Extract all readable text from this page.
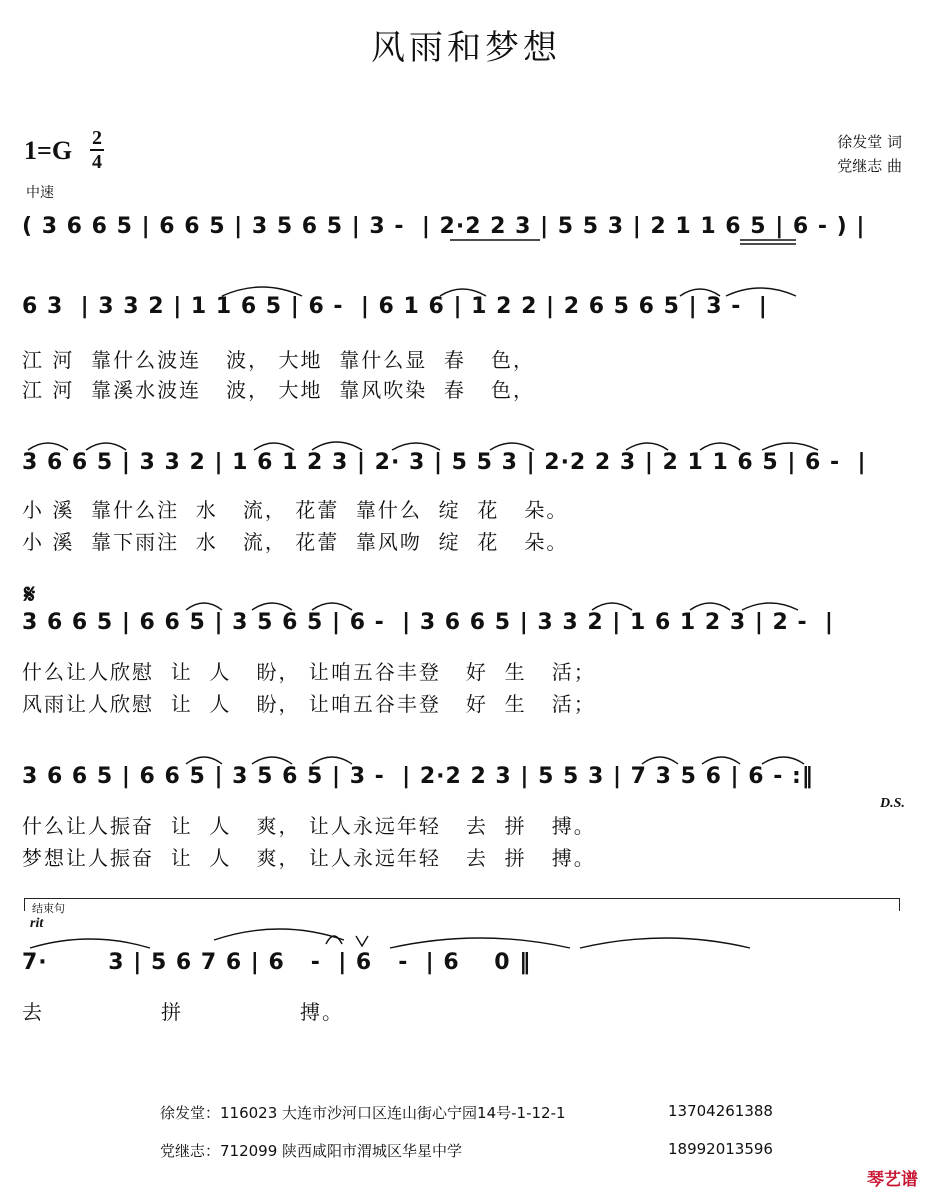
风雨和梦想
1=G 2
4
徐发堂 词
党继志 曲
中速
( 3 6 6 5 | 6 6 5 | 3 5 6 5 | 3 -  | 2·2 2 3 | 5 5 3 | 2 1 1 6 5 | 6 - ) |
6 3  | 3 3 2 | 1 1 6 5 | 6 -  | 6 1 6 | 1 2 2 | 2 6 5 6 5 | 3 -  |
江 河  靠什么波连   波， 大地  靠什么显  春   色，
江 河  靠溪水波连   波， 大地  靠风吹染  春   色，
3 6 6 5 | 3 3 2 | 1 6 1 2 3 | 2· 3 | 5 5 3 | 2·2 2 3 | 2 1 1 6 5 | 6 -  |
小 溪  靠什么注  水   流， 花蕾  靠什么  绽  花   朵。
小 溪  靠下雨注  水   流， 花蕾  靠风吻  绽  花   朵。
𝄋
3 6 6 5 | 6 6 5 | 3 5 6 5 | 6 -  | 3 6 6 5 | 3 3 2 | 1 6 1 2 3 | 2 -  |
什么让人欣慰  让  人   盼， 让咱五谷丰登   好  生   活；
风雨让人欣慰  让  人   盼， 让咱五谷丰登   好  生   活；
3 6 6 5 | 6 6 5 | 3 5 6 5 | 3 -  | 2·2 2 3 | 5 5 3 | 7 3 5 6 | 6 - :‖
D.S.
什么让人振奋  让  人   爽， 让人永远年轻   去  拼   搏。
梦想让人振奋  让  人   爽， 让人永远年轻   去  拼   搏。
结束句
rit
7·       3 | 5 6 7 6 | 6   -  | 6   -  | 6    0 ‖
去              拼              搏。
徐发堂：116023 大连市沙河口区连山街心宁园14号-1-12-1	13704261388
党继志：712099 陕西咸阳市渭城区华星中学	18992013596
琴艺谱
